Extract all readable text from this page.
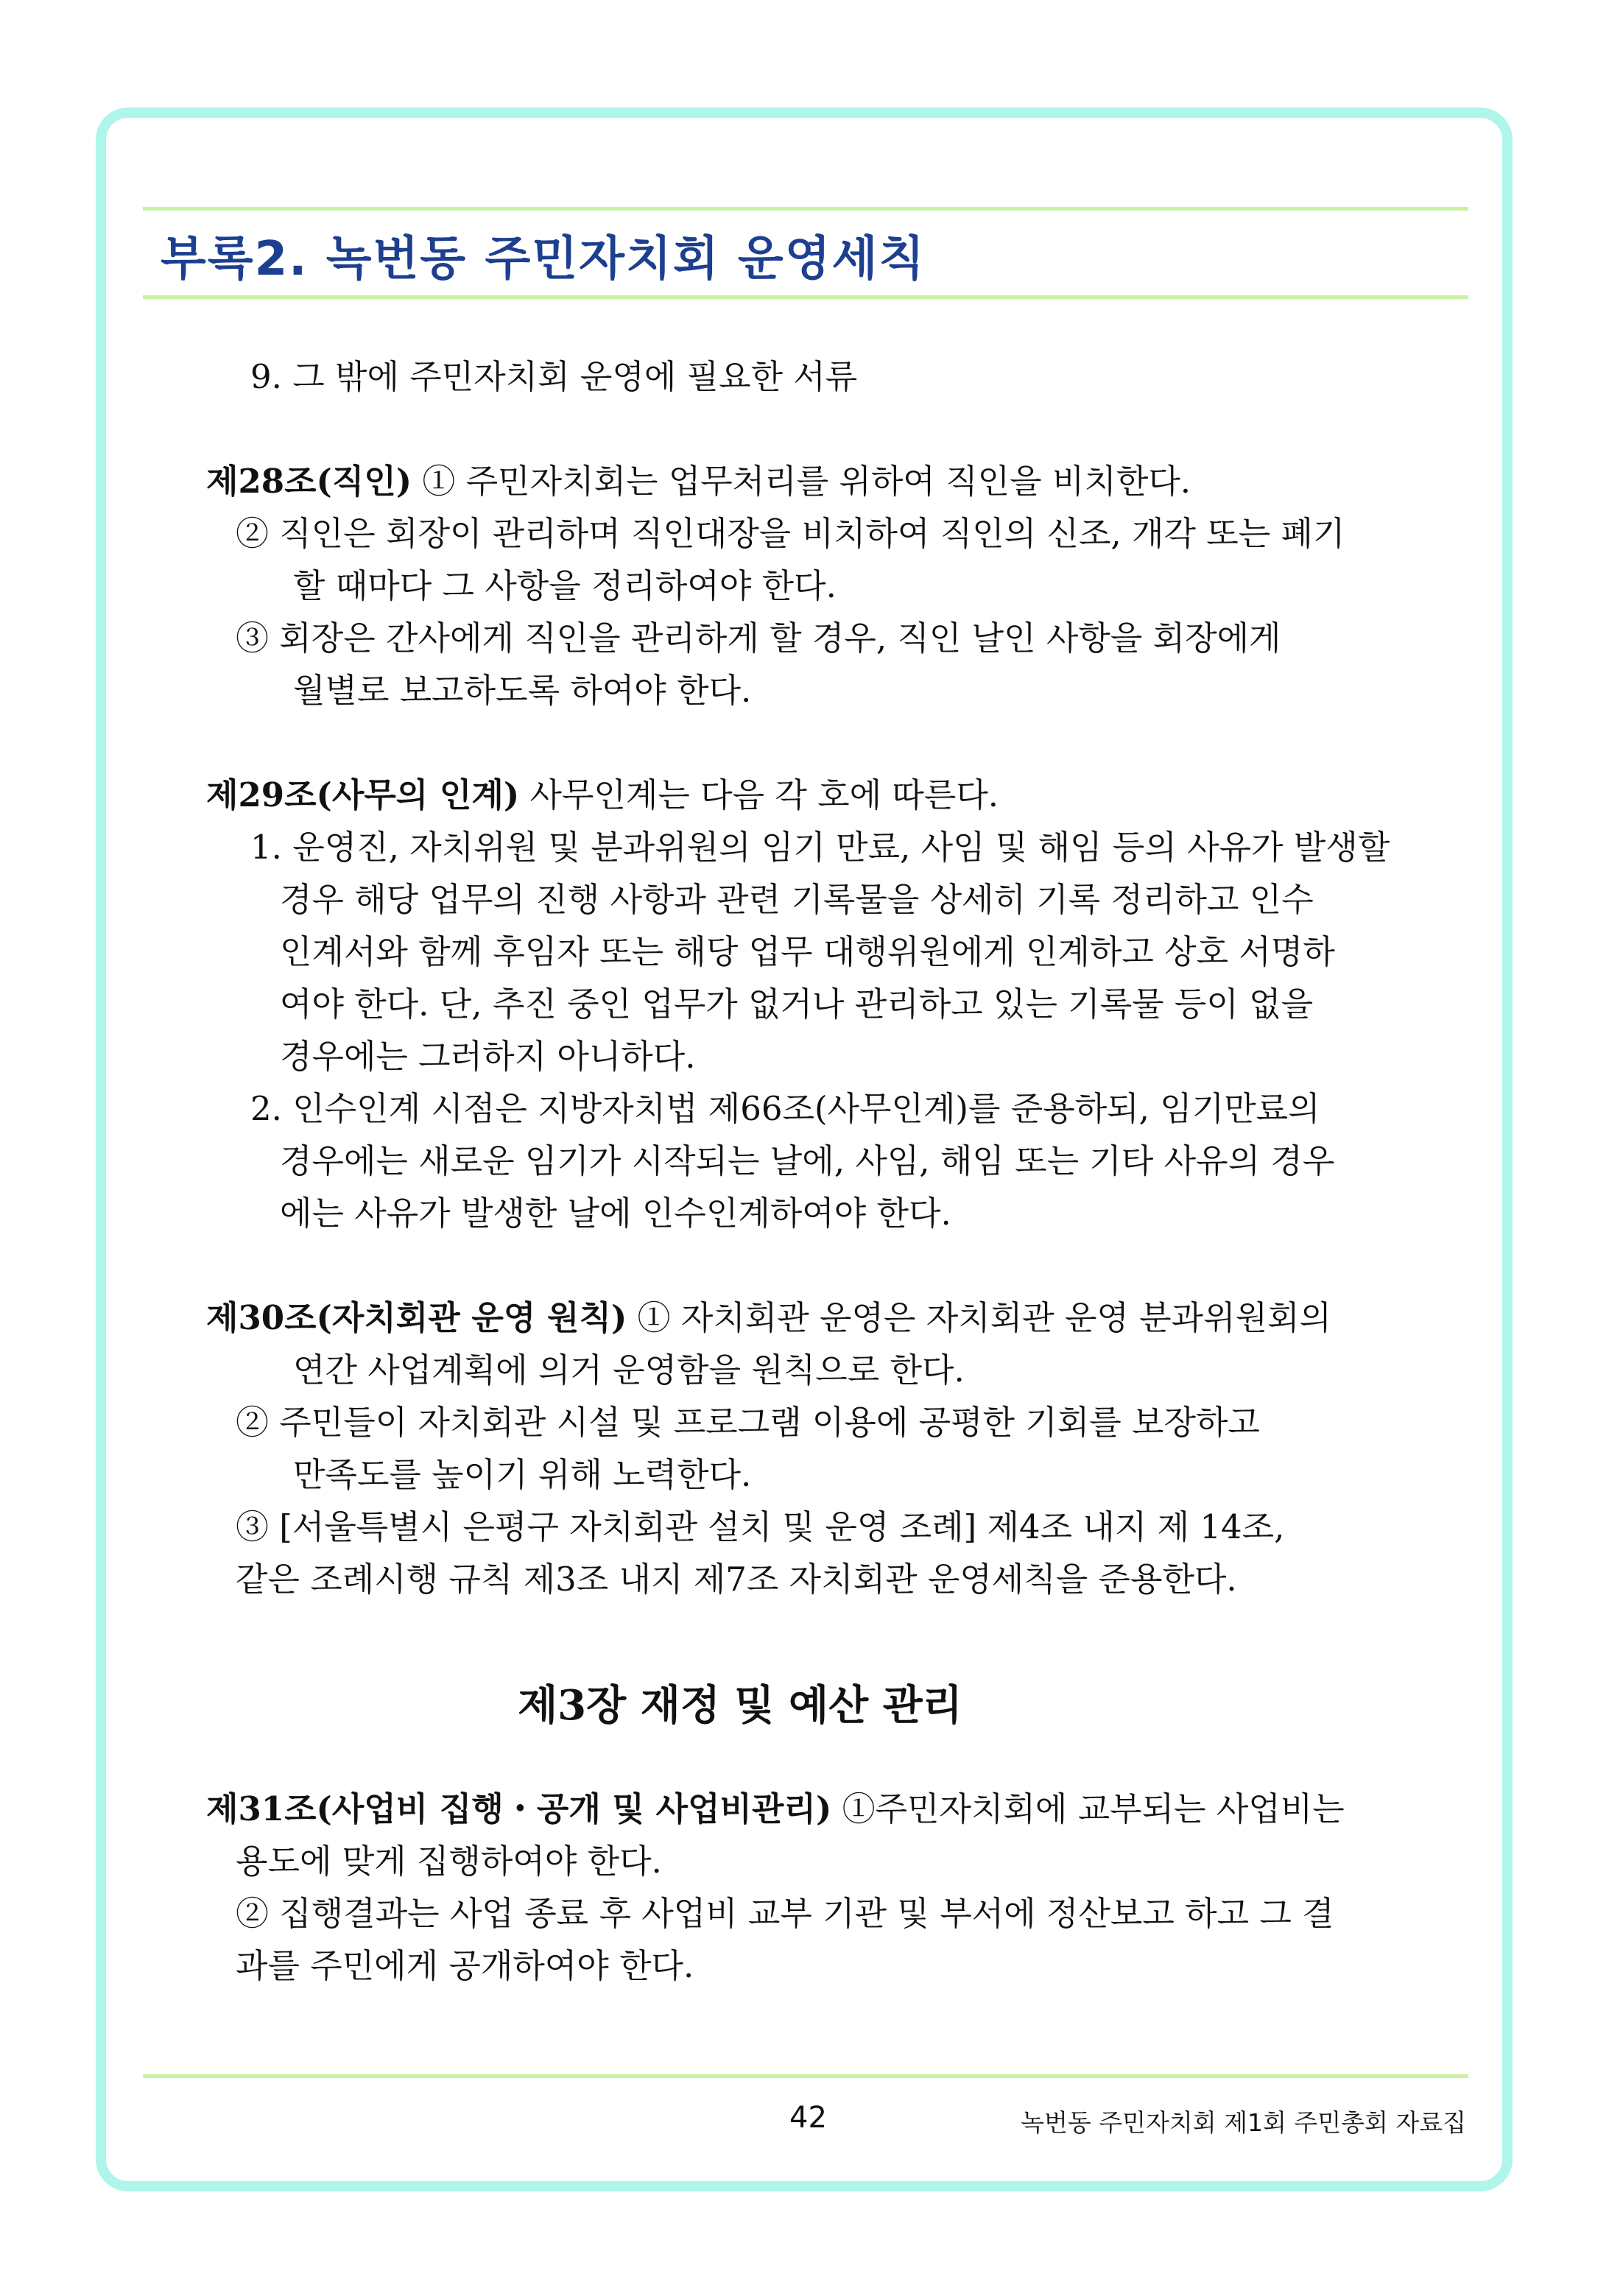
부록2. 녹번동 주민자치회 운영세칙
9. 그 밖에 주민자치회 운영에 필요한 서류
제28조(직인) ① 주민자치회는 업무처리를 위하여 직인을 비치한다.
② 직인은 회장이 관리하며 직인대장을 비치하여 직인의 신조, 개각 또는 폐기
할 때마다 그 사항을 정리하여야 한다.
③ 회장은 간사에게 직인을 관리하게 할 경우, 직인 날인 사항을 회장에게
월별로 보고하도록 하여야 한다.
제29조(사무의 인계) 사무인계는 다음 각 호에 따른다.
1. 운영진, 자치위원 및 분과위원의 임기 만료, 사임 및 해임 등의 사유가 발생할
경우 해당 업무의 진행 사항과 관련 기록물을 상세히 기록 정리하고 인수
인계서와 함께 후임자 또는 해당 업무 대행위원에게 인계하고 상호 서명하
여야 한다. 단, 추진 중인 업무가 없거나 관리하고 있는 기록물 등이 없을
경우에는 그러하지 아니하다.
2. 인수인계 시점은 지방자치법 제66조(사무인계)를 준용하되, 임기만료의
경우에는 새로운 임기가 시작되는 날에, 사임, 해임 또는 기타 사유의 경우
에는 사유가 발생한 날에 인수인계하여야 한다.
제30조(자치회관 운영 원칙) ① 자치회관 운영은 자치회관 운영 분과위원회의
연간 사업계획에 의거 운영함을 원칙으로 한다.
② 주민들이 자치회관 시설 및 프로그램 이용에 공평한 기회를 보장하고
만족도를 높이기 위해 노력한다.
③ [서울특별시 은평구 자치회관 설치 및 운영 조례] 제4조 내지 제 14조,
같은 조례시행 규칙 제3조 내지 제7조 자치회관 운영세칙을 준용한다.
제3장 재정 및 예산 관리
제31조(사업비 집행・공개 및 사업비관리) ①주민자치회에 교부되는 사업비는
용도에 맞게 집행하여야 한다.
② 집행결과는 사업 종료 후 사업비 교부 기관 및 부서에 정산보고 하고 그 결
과를 주민에게 공개하여야 한다.
42	녹번동 주민자치회 제1회 주민총회 자료집
